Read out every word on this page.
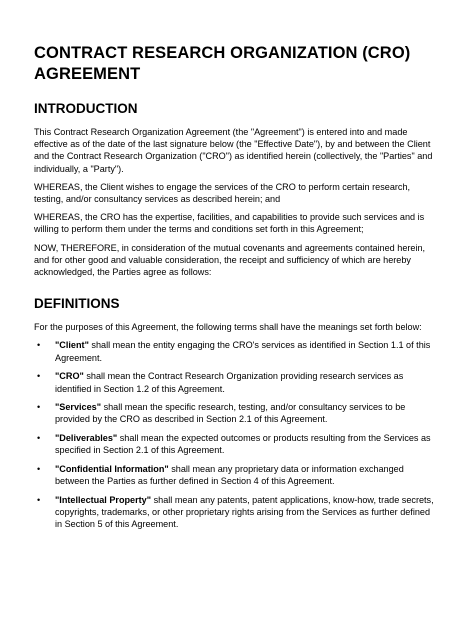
CONTRACT RESEARCH ORGANIZATION (CRO) AGREEMENT
INTRODUCTION

This Contract Research Organization Agreement (the "Agreement") is entered into and made effective as of the date of the last signature below (the "Effective Date"), by and between the Client and the Contract Research Organization ("CRO") as identified herein (collectively, the "Parties" and individually, a "Party").

WHEREAS, the Client wishes to engage the services of the CRO to perform certain research, testing, and/or consultancy services as described herein; and

WHEREAS, the CRO has the expertise, facilities, and capabilities to provide such services and is willing to perform them under the terms and conditions set forth in this Agreement;

NOW, THEREFORE, in consideration of the mutual covenants and agreements contained herein, and for other good and valuable consideration, the receipt and sufficiency of which are hereby acknowledged, the Parties agree as follows:

DEFINITIONS

For the purposes of this Agreement, the following terms shall have the meanings set forth below:

• "Client" shall mean the entity engaging the CRO's services as identified in Section 1.1 of this Agreement.
• "CRO" shall mean the Contract Research Organization providing research services as identified in Section 1.2 of this Agreement.
• "Services" shall mean the specific research, testing, and/or consultancy services to be provided by the CRO as described in Section 2.1 of this Agreement.
• "Deliverables" shall mean the expected outcomes or products resulting from the Services as specified in Section 2.1 of this Agreement.
• "Confidential Information" shall mean any proprietary data or information exchanged between the Parties as further defined in Section 4 of this Agreement.
• "Intellectual Property" shall mean any patents, patent applications, know-how, trade secrets, copyrights, trademarks, or other proprietary rights arising from the Services as further defined in Section 5 of this Agreement.
